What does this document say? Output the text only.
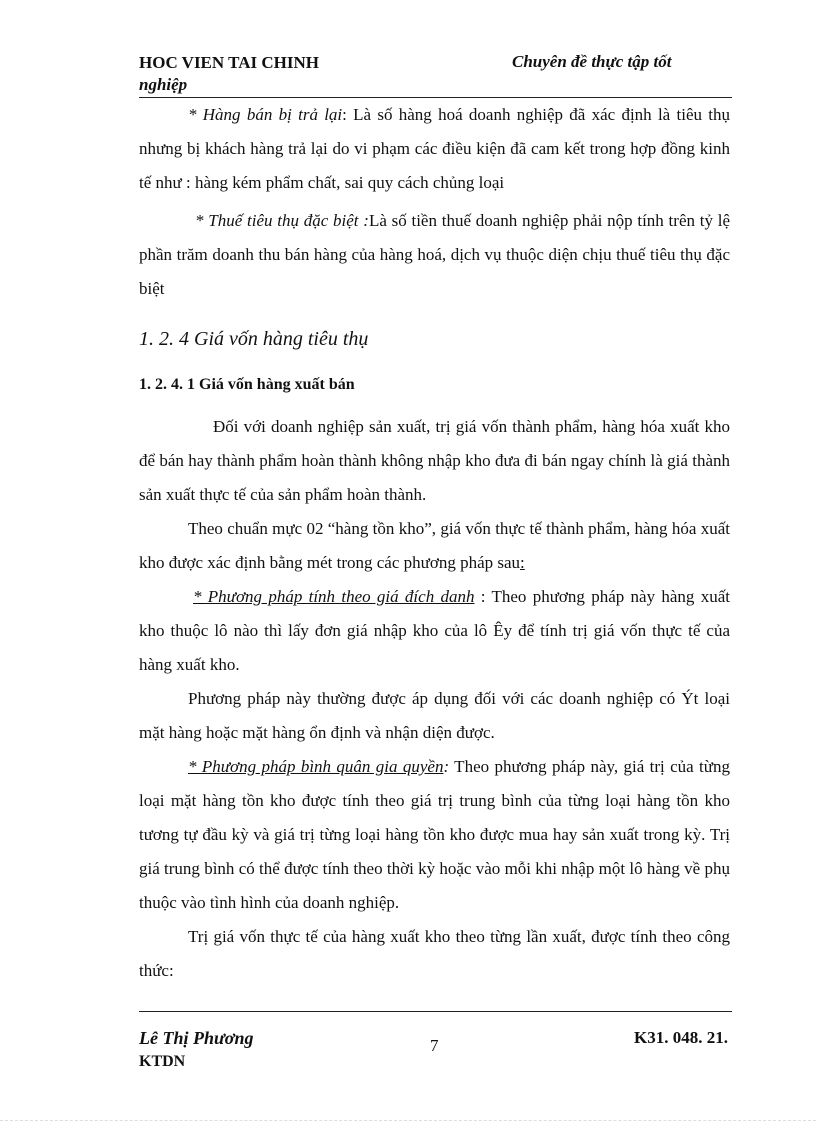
HOC VIEN TAI CHINH
nghiệp
Chuyên đề thực tập tốt

* Hàng bán bị trả lại: Là số hàng hoá doanh nghiệp đã xác định là tiêu thụ nhưng bị khách hàng trả lại do vi phạm các điều kiện đã cam kết trong hợp đồng kinh tế như : hàng kém phẩm chất, sai quy cách chủng loại

* Thuế tiêu thụ đặc biệt :Là số tiền thuế doanh nghiệp phải nộp tính trên tỷ lệ phần trăm doanh thu bán hàng của hàng hoá, dịch vụ thuộc diện chịu thuế tiêu thụ đặc biệt

1. 2. 4 Giá vốn hàng tiêu thụ

1. 2. 4. 1 Giá vốn hàng xuất bán

Đối với doanh nghiệp sản xuất, trị giá vốn thành phẩm, hàng hóa xuất kho để bán hay thành phẩm hoàn thành không nhập kho đưa đi bán ngay chính là giá thành sản xuất thực tế của sản phẩm hoàn thành.

Theo chuẩn mực 02 “hàng tồn kho”, giá vốn thực tế thành phẩm, hàng hóa xuất kho được xác định bằng mét trong các phương pháp sau:

* Phương pháp tính theo giá đích danh : Theo phương pháp này hàng xuất kho thuộc lô nào thì lấy đơn giá nhập kho của lô Êy để tính trị giá vốn thực tế của hàng xuất kho.

Phương pháp này thường được áp dụng đối với các doanh nghiệp có Ýt loại mặt hàng hoặc mặt hàng ổn định và nhận diện được.

* Phương pháp bình quân gia quyền: Theo phương pháp này, giá trị của từng loại mặt hàng tồn kho được tính theo giá trị trung bình của từng loại hàng tồn kho tương tự đầu kỳ và giá trị từng loại hàng tồn kho được mua hay sản xuất trong kỳ. Trị giá trung bình có thể được tính theo thời kỳ hoặc vào mỗi khi nhập một lô hàng về phụ thuộc vào tình hình của doanh nghiệp.

Trị giá vốn thực tế của hàng xuất kho theo từng lần xuất, được tính theo công thức:

Lê Thị Phương
KTDN
7	K31. 048. 21.
